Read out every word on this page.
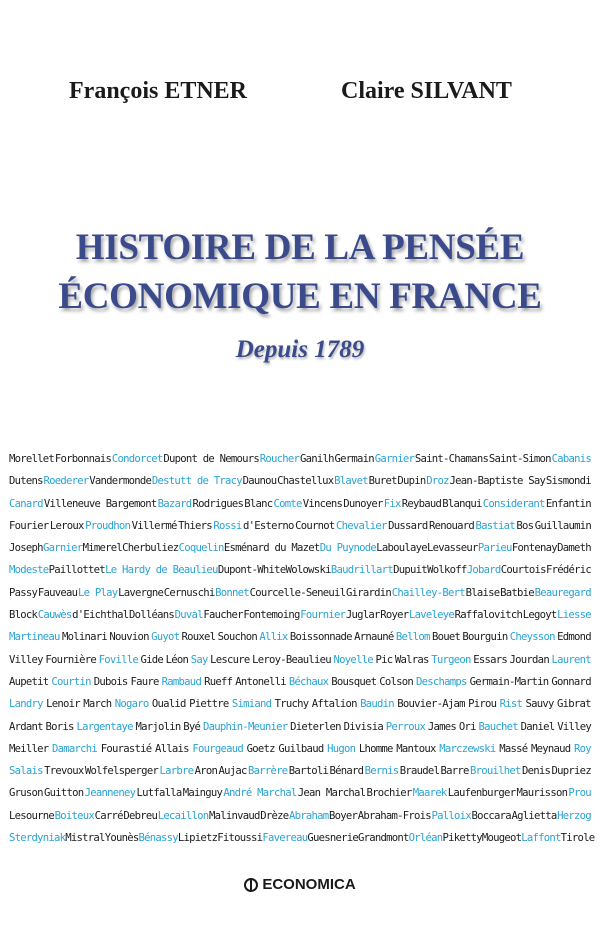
François ETNER	Claire SILVANT
HISTOIRE DE LA PENSÉE
ÉCONOMIQUE EN FRANCE
Depuis 1789
Morellet Forbonnais Condorcet Dupont de Nemours Roucher Ganilh Germain Garnier Saint-Chamans Saint-Simon Cabanis
Dutens Roederer Vandermonde Destutt de Tracy Daunou Chastellux Blavet Buret Dupin Droz Jean-Baptiste Say Sismondi
Canard Villeneuve Bargemont Bazard Rodrigues Blanc Comte Vincens Dunoyer Fix Reybaud Blanqui Considerant Enfantin
Fourier Leroux Proudhon Villermé Thiers Rossi d'Esterno Cournot Chevalier Dussard Renouard Bastiat Bos Guillaumin
Joseph Garnier Mimerel Cherbuliez Coquelin Esménard du Mazet Du Puynode Laboulaye Levasseur Parieu Fontenay Dameth
Modeste Paillottet Le Hardy de Beaulieu Dupont-White Wolowski Baudrillart Dupuit Wolkoff Jobard Courtois Frédéric
Passy Fauveau Le Play Lavergne Cernuschi Bonnet Courcelle-Seneuil Girardin Chailley-Bert Blaise Batbie Beauregard
Block Cauwès d'Eichthal Dolléans Duval Faucher Fontemoing Fournier Juglar Royer Laveleye Raffalovitch Legoyt Liesse
Martineau Molinari Nouvion Guyot Rouxel Souchon Allix Boissonnade Arnauné Bellom Bouet Bourguin Cheysson Edmond
Villey Fournière Foville Gide Léon Say Lescure Leroy-Beaulieu Noyelle Pic Walras Turgeon Essars Jourdan Laurent
Aupetit Courtin Dubois Faure Rambaud Rueff Antonelli Béchaux Bousquet Colson Deschamps Germain-Martin Gonnard
Landry Lenoir March Nogaro Oualid Piettre Simiand Truchy Aftalion Baudin Bouvier-Ajam Pirou Rist Sauvy Gibrat
Ardant Boris Largentaye Marjolin Byé Dauphin-Meunier Dieterlen Divisia Perroux James Ori Bauchet Daniel Villey
Meiller Damarchi Fourastié Allais Fourgeaud Goetz Guilbaud Hugon Lhomme Mantoux Marczewski Massé Meynaud Roy
Salais Trevoux Wolfelsperger Larbre Aron Aujac Barrère Bartoli Bénard Bernis Braudel Barre Brouilhet Denis Dupriez
Gruson Guitton Jeanneney Lutfalla Mainguy André Marchal Jean Marchal Brochier Maarek Laufenburger Maurisson Prou
Lesourne Boiteux Carré Debreu Lecaillon Malinvaud Drèze Abraham Boyer Abraham-Frois Palloix Boccara Aglietta Herzog
Sterdyniak Mistral Younès Bénassy Lipietz Fitoussi Favereau Guesnerie Grandmont Orléan Piketty Mougeot Laffont Tirole
ECONOMICA
